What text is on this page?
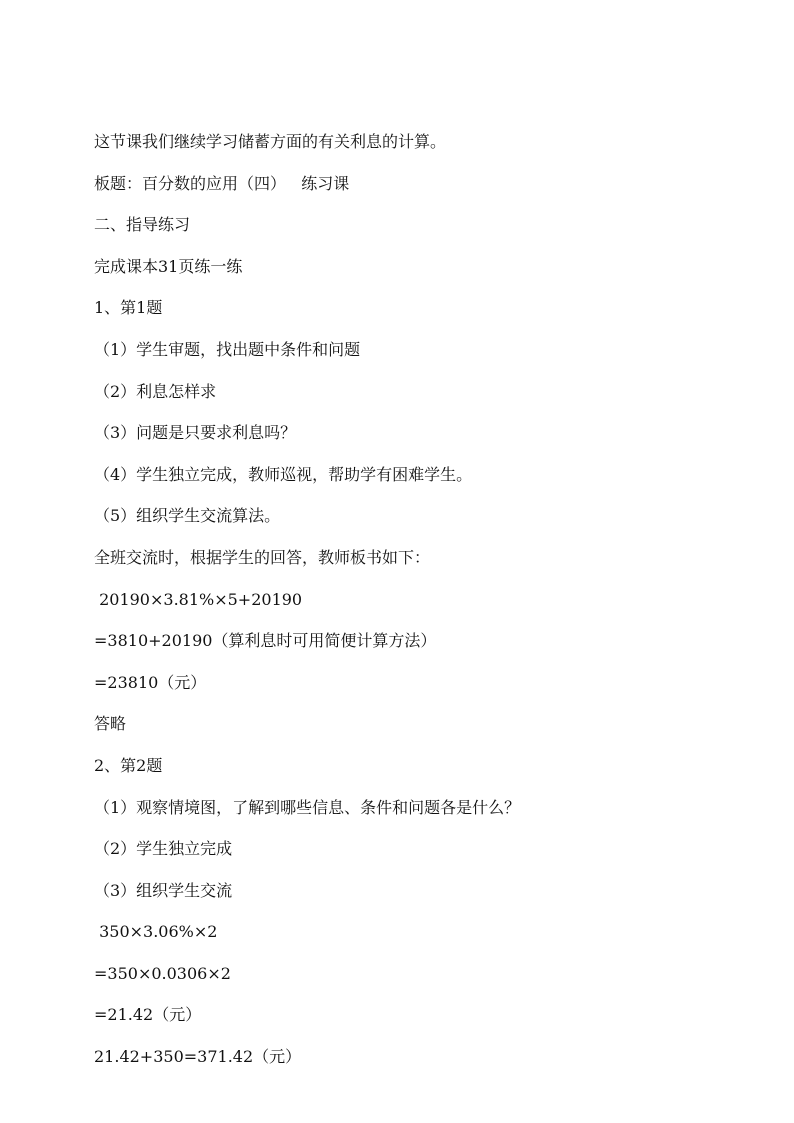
这节课我们继续学习储蓄方面的有关利息的计算。
板题：百分数的应用（四）   练习课
二、指导练习
完成课本31页练一练
1、第1题
（1）学生审题，找出题中条件和问题
（2）利息怎样求
（3）问题是只要求利息吗？
（4）学生独立完成，教师巡视，帮助学有困难学生。
（5）组织学生交流算法。
全班交流时，根据学生的回答，教师板书如下：
20190×3.81%×5+20190
=3810+20190（算利息时可用简便计算方法）
=23810（元）
答略
2、第2题
（1）观察情境图，了解到哪些信息、条件和问题各是什么？
（2）学生独立完成
（3）组织学生交流
350×3.06%×2
=350×0.0306×2
=21.42（元）
21.42+350=371.42（元）
